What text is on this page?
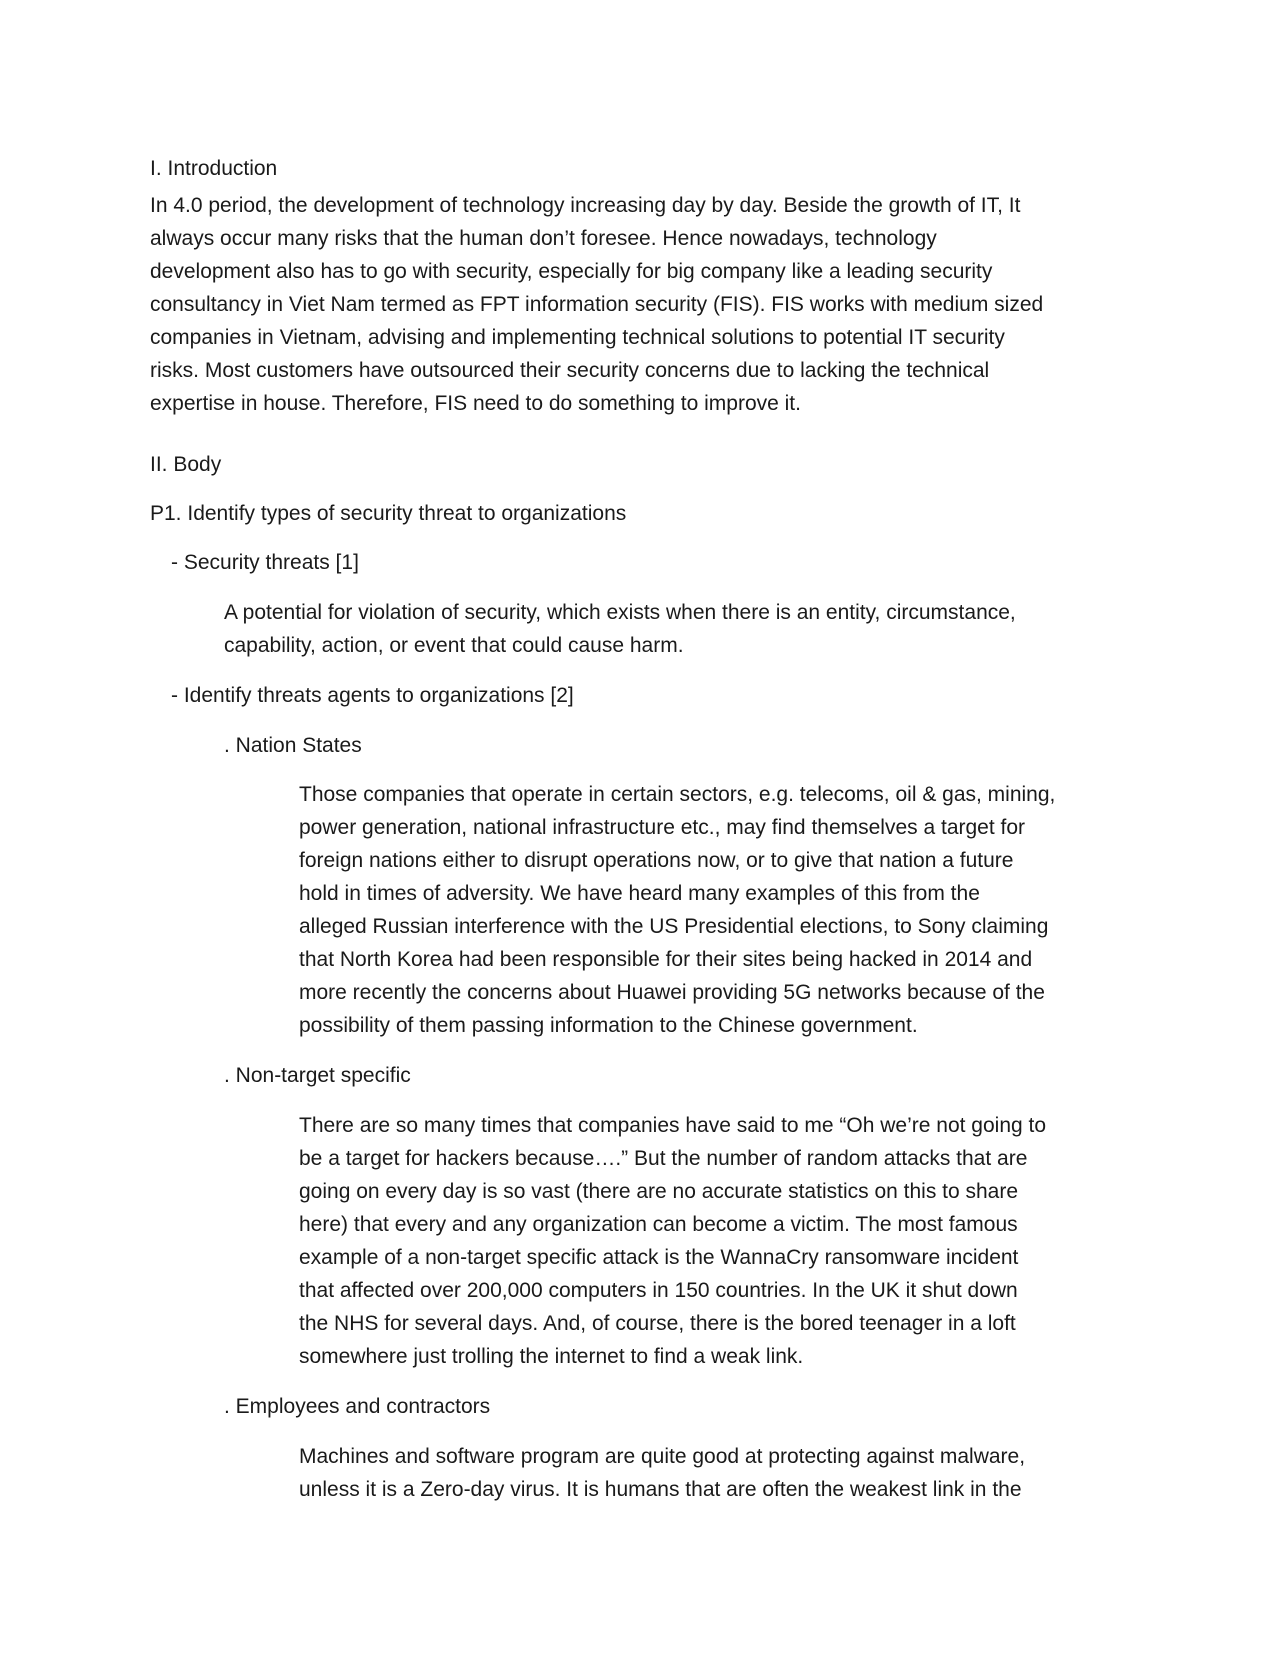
I. Introduction
In 4.0 period, the development of technology increasing day by day. Beside the growth of IT, It
always occur many risks that the human don’t foresee. Hence nowadays, technology
development also has to go with security, especially for big company like a leading security
consultancy in Viet Nam termed as FPT information security (FIS). FIS works with medium sized
companies in Vietnam, advising and implementing technical solutions to potential IT security
risks. Most customers have outsourced their security concerns due to lacking the technical
expertise in house. Therefore, FIS need to do something to improve it.
II. Body
P1. Identify types of security threat to organizations
- Security threats [1]
A potential for violation of security, which exists when there is an entity, circumstance,
capability, action, or event that could cause harm.
- Identify threats agents to organizations [2]
. Nation States
Those companies that operate in certain sectors, e.g. telecoms, oil & gas, mining,
power generation, national infrastructure etc., may find themselves a target for
foreign nations either to disrupt operations now, or to give that nation a future
hold in times of adversity. We have heard many examples of this from the
alleged Russian interference with the US Presidential elections, to Sony claiming
that North Korea had been responsible for their sites being hacked in 2014 and
more recently the concerns about Huawei providing 5G networks because of the
possibility of them passing information to the Chinese government.
. Non-target specific
There are so many times that companies have said to me “Oh we’re not going to
be a target for hackers because….” But the number of random attacks that are
going on every day is so vast (there are no accurate statistics on this to share
here) that every and any organization can become a victim. The most famous
example of a non-target specific attack is the WannaCry ransomware incident
that affected over 200,000 computers in 150 countries. In the UK it shut down
the NHS for several days. And, of course, there is the bored teenager in a loft
somewhere just trolling the internet to find a weak link.
. Employees and contractors
Machines and software program are quite good at protecting against malware,
unless it is a Zero-day virus. It is humans that are often the weakest link in the
